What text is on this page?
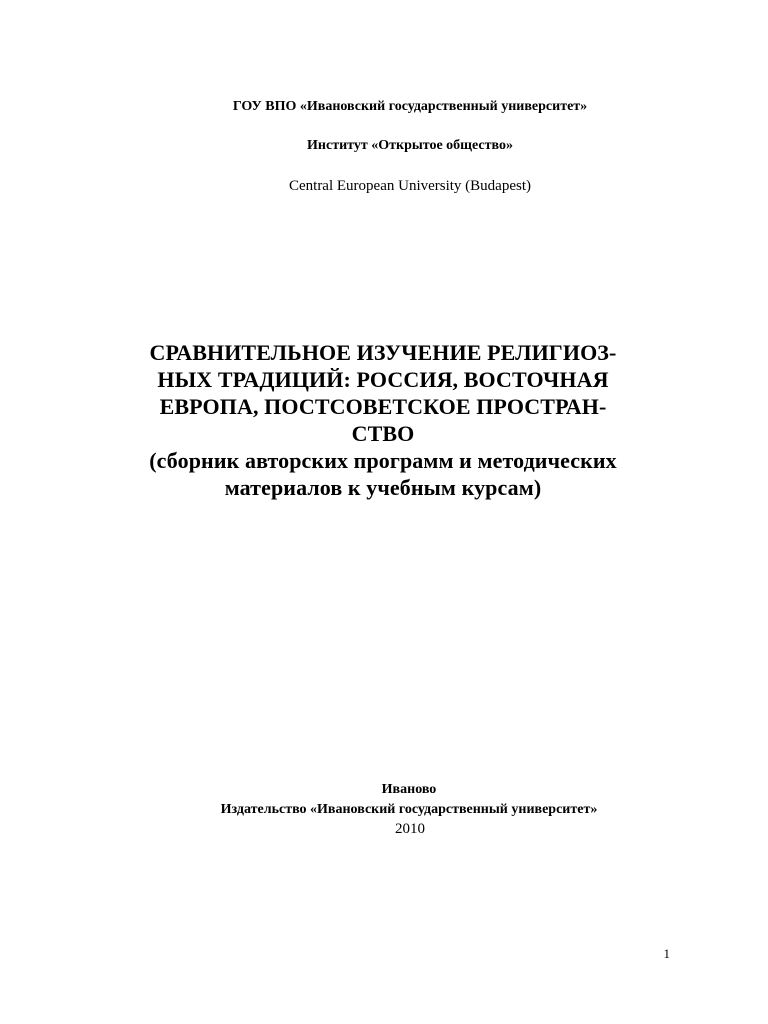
ГОУ ВПО «Ивановский государственный университет»
Институт «Открытое общество»
Central European University (Budapest)
СРАВНИТЕЛЬНОЕ ИЗУЧЕНИЕ РЕЛИГИОЗ-
НЫХ ТРАДИЦИЙ: РОССИЯ, ВОСТОЧНАЯ
ЕВРОПА, ПОСТСОВЕТСКОЕ ПРОСТРАН-
СТВО
(сборник авторских программ и методических
материалов к учебным курсам)
Иваново
Издательство «Ивановский государственный университет»
2010
1
